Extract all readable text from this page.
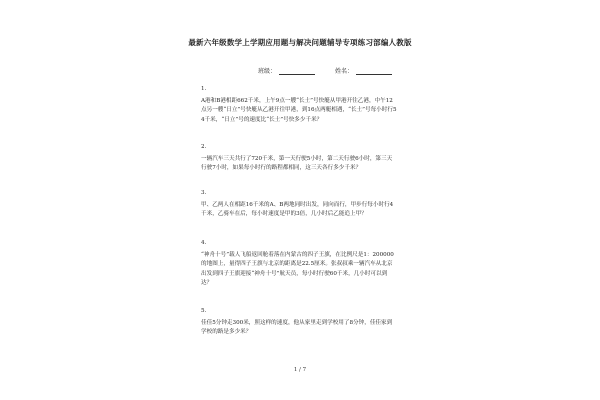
最新六年级数学上学期应用题与解决问题辅导专项练习部编人教版
班级：	姓名：
1.
A港和B港相距662千米，上午9点一艘“长土”号快艇从甲港开往乙港，中午12点另一艘“日立”号快艇从乙港开往甲港，到16点两艇相遇，“长土”号每小时行54千米，“日立”号的速度比“长土”号快多少千米？
2.
一辆汽车三天共行了720千米，第一天行驶5小时，第二天行驶6小时，第三天行驶7小时，如果每小时行的路程都相同，这三天各行多少千米？
3.
甲、乙两人在相距16千米的A、B两地同时出发，同向而行，甲步行每小时行4千米，乙骑车在后，每小时速度是甲的3倍，几小时后乙能追上甲？
4.
“神舟十号”载人飞船返回舱着落在内蒙古的四子王旗，在比例尺是1：200000的地图上，量得四子王旗与北京的距离是22.5厘米。张叔叔乘一辆汽车从北京出发到四子王旗迎接“神舟十号”航天员，每小时行驶60千米，几小时可以到达？
5.
佳佳5分钟走300米，照这样的速度，他从家里走到学校用了8分钟，佳佳家到学校的路是多少米？
1 / 7
